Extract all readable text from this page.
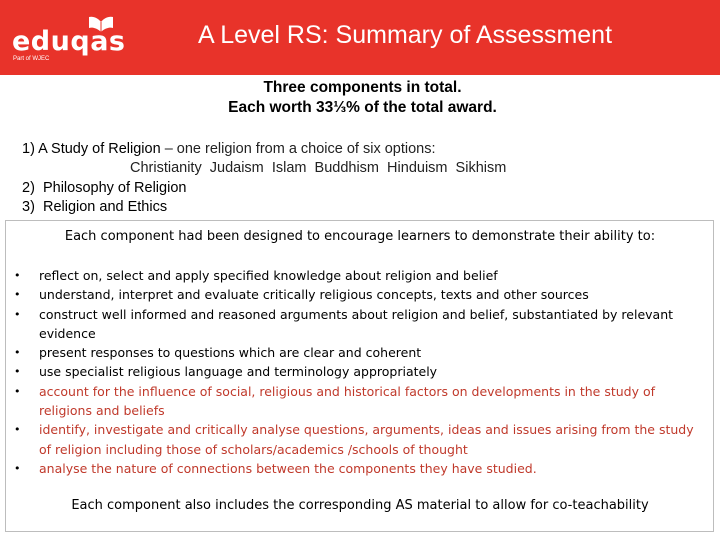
eduqas
Part of WJEC
A Level RS: Summary of Assessment
Three components in total.
Each worth 33⅓% of the total award.
1) A Study of Religion – one religion from a choice of six options:
Christianity  Judaism  Islam  Buddhism  Hinduism  Sikhism
2) Philosophy of Religion
3) Religion and Ethics
Each component had been designed to encourage learners to demonstrate their ability to:
• reflect on, select and apply specified knowledge about religion and belief
• understand, interpret and evaluate critically religious concepts, texts and other sources
• construct well informed and reasoned arguments about religion and belief, substantiated by relevant evidence
• present responses to questions which are clear and coherent
• use specialist religious language and terminology appropriately
• account for the influence of social, religious and historical factors on developments in the study of religions and beliefs
• identify, investigate and critically analyse questions, arguments, ideas and issues arising from the study of religion including those of scholars/academics /schools of thought
• analyse the nature of connections between the components they have studied.
Each component also includes the corresponding AS material to allow for co-teachability
